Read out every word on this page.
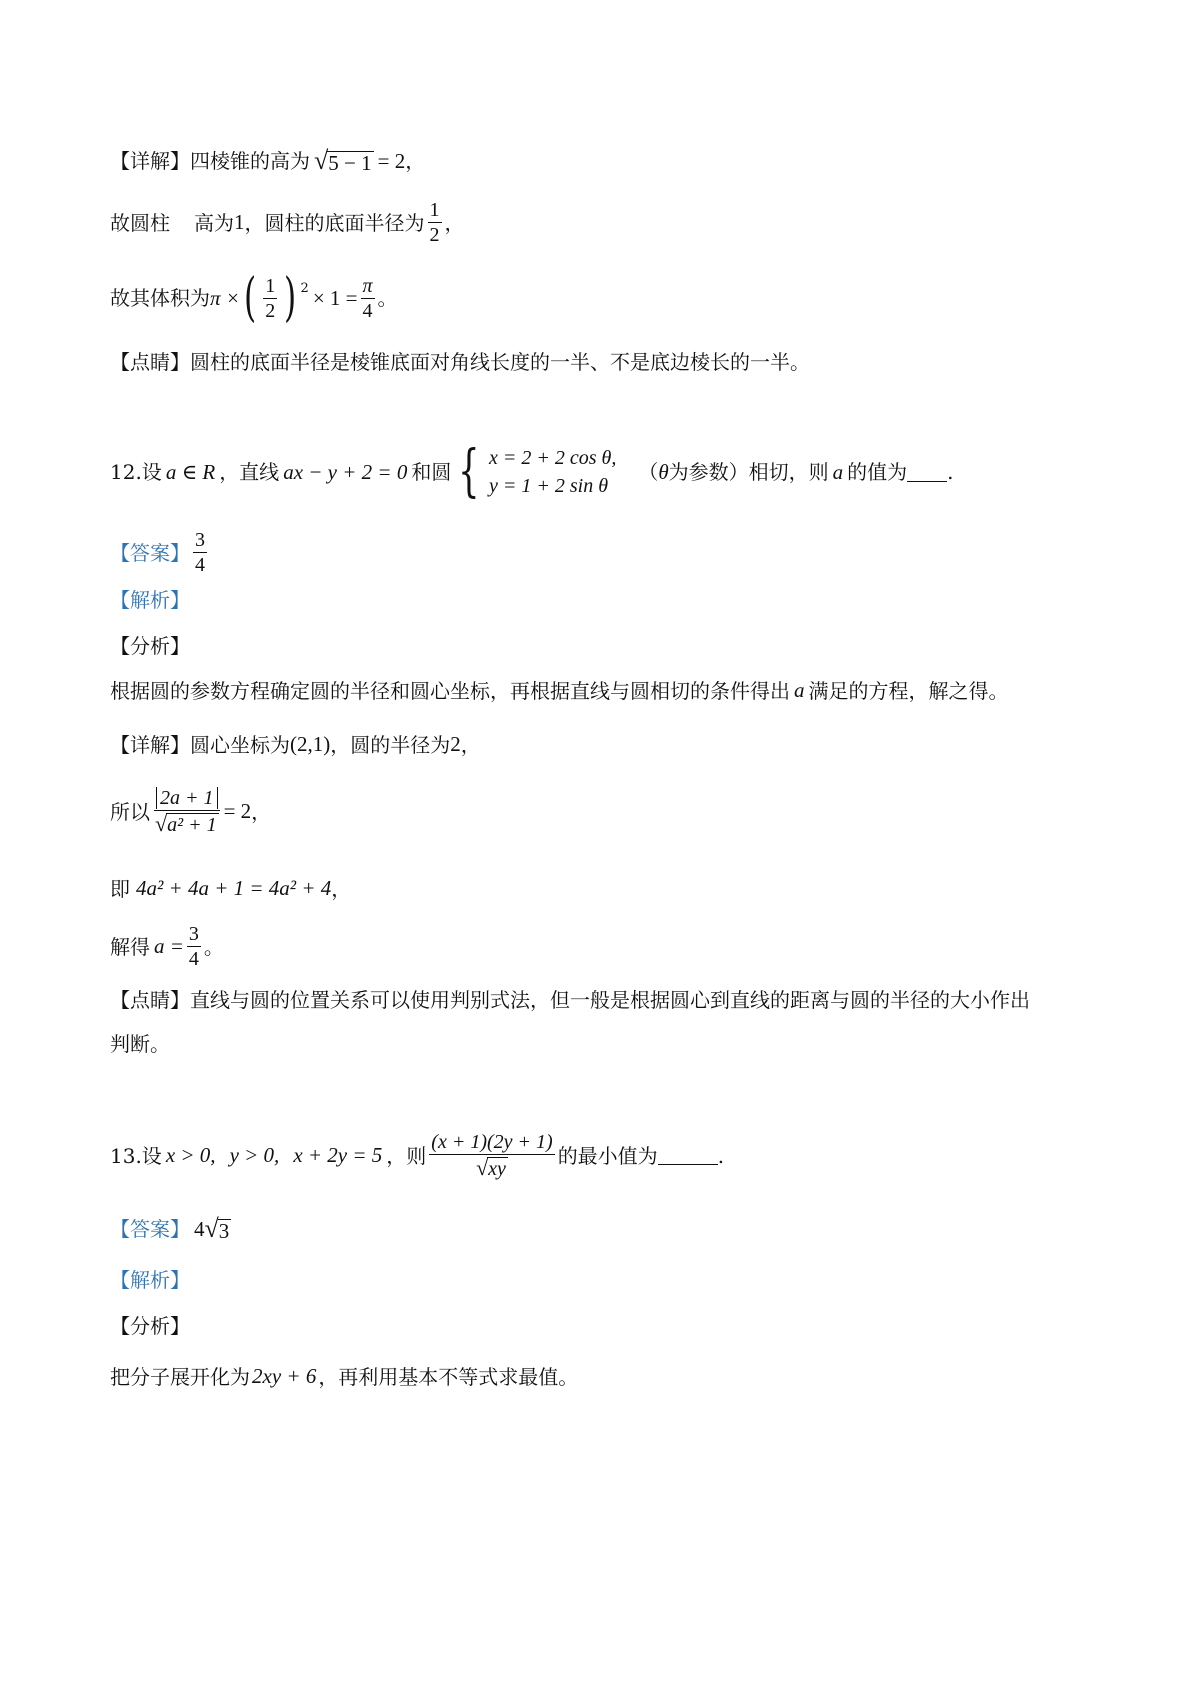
【详解】 四棱锥的高为 √ 5 − 1 = 2 ，
故圆柱 高为 1 ，圆柱的底面半径为 $\frac{1}{2}$ ，
故其体积为 π × ( $\frac{1}{2}$ ) $^2 \times 1 = \frac{\pi}{4}$ 。
【点睛】 圆柱的底面半径是棱锥底面对角线长度的一半、不是底边棱长的一半。
12.设 a ∈ R ，直线 ax − y + 2 = 0 和圆 { x = 2 + 2 cos θ,
y = 1 + 2 sin θ
（ θ 为参数）相切，则 a 的值为 .
【答案】 $\frac{3}{4}$
【解析】
【分析】
根据圆的参数方程确定圆的半径和圆心坐标，再根据直线与圆相切的条件得出 a 满足的方程，解之得。
【详解】 圆心坐标为 (2,1) ，圆的半径为 2 ，
所以 $\frac{2a + 1}{\text{√ a² + 1}} = 2$ ，
即 4a² + 4a + 1 = 4a² + 4 ，
解得 $a = \frac{3}{4}$ 。
【点睛】 直线与圆的位置关系可以使用判别式法，但一般是根据圆心到直线的距离与圆的半径的大小作出
判断。
13.设 x > 0, y > 0, x + 2y = 5 ，则 $\frac{(x + 1)(2y + 1)}{√ xy}$ 的最小值为	.
【答案】 4 √ 3
【解析】
【分析】
把分子展开化为 2xy + 6 ，再利用基本不等式求最值。
